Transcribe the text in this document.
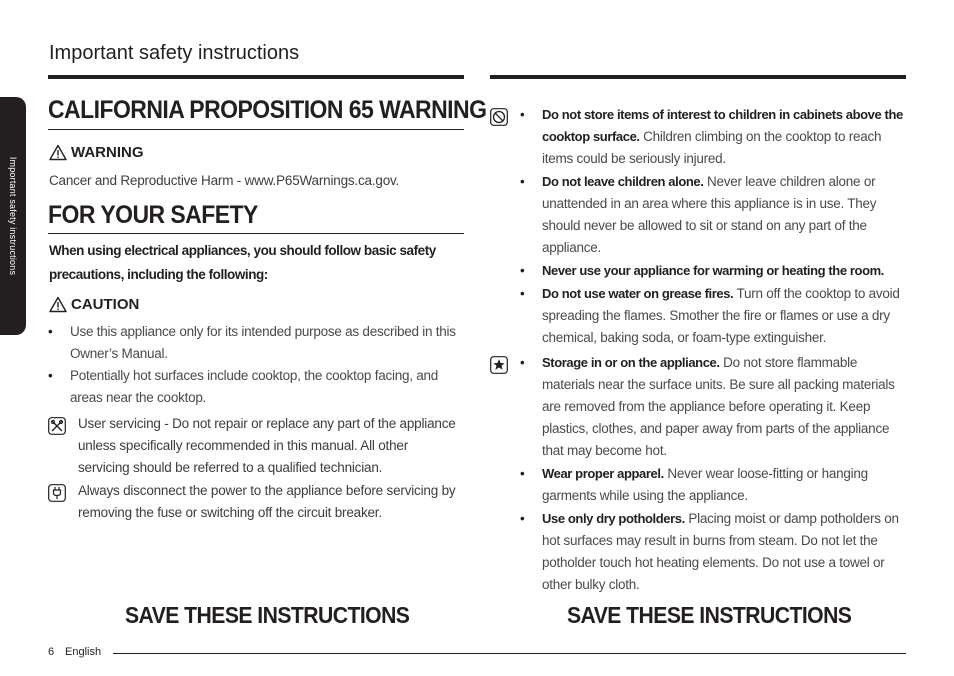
Important safety instructions
Important safety instructions
CALIFORNIA PROPOSITION 65 WARNING
WARNING
Cancer and Reproductive Harm - www.P65Warnings.ca.gov.
FOR YOUR SAFETY
When using electrical appliances, you should follow basic safety
precautions, including the following:
CAUTION
• Use this appliance only for its intended purpose as described in this Owner’s Manual.
• Potentially hot surfaces include cooktop, the cooktop facing, and areas near the cooktop.
User servicing - Do not repair or replace any part of the appliance unless specifically recommended in this manual. All other servicing should be referred to a qualified technician.
Always disconnect the power to the appliance before servicing by removing the fuse or switching off the circuit breaker.
SAVE THESE INSTRUCTIONS
• Do not store items of interest to children in cabinets above the cooktop surface. Children climbing on the cooktop to reach items could be seriously injured.
• Do not leave children alone. Never leave children alone or unattended in an area where this appliance is in use. They should never be allowed to sit or stand on any part of the appliance.
• Never use your appliance for warming or heating the room.
• Do not use water on grease fires. Turn off the cooktop to avoid spreading the flames. Smother the fire or flames or use a dry chemical, baking soda, or foam-type extinguisher.
• Storage in or on the appliance. Do not store flammable materials near the surface units. Be sure all packing materials are removed from the appliance before operating it. Keep plastics, clothes, and paper away from parts of the appliance that may become hot.
• Wear proper apparel. Never wear loose-fitting or hanging garments while using the appliance.
• Use only dry potholders. Placing moist or damp potholders on hot surfaces may result in burns from steam. Do not let the potholder touch hot heating elements. Do not use a towel or other bulky cloth.
SAVE THESE INSTRUCTIONS
6 English
